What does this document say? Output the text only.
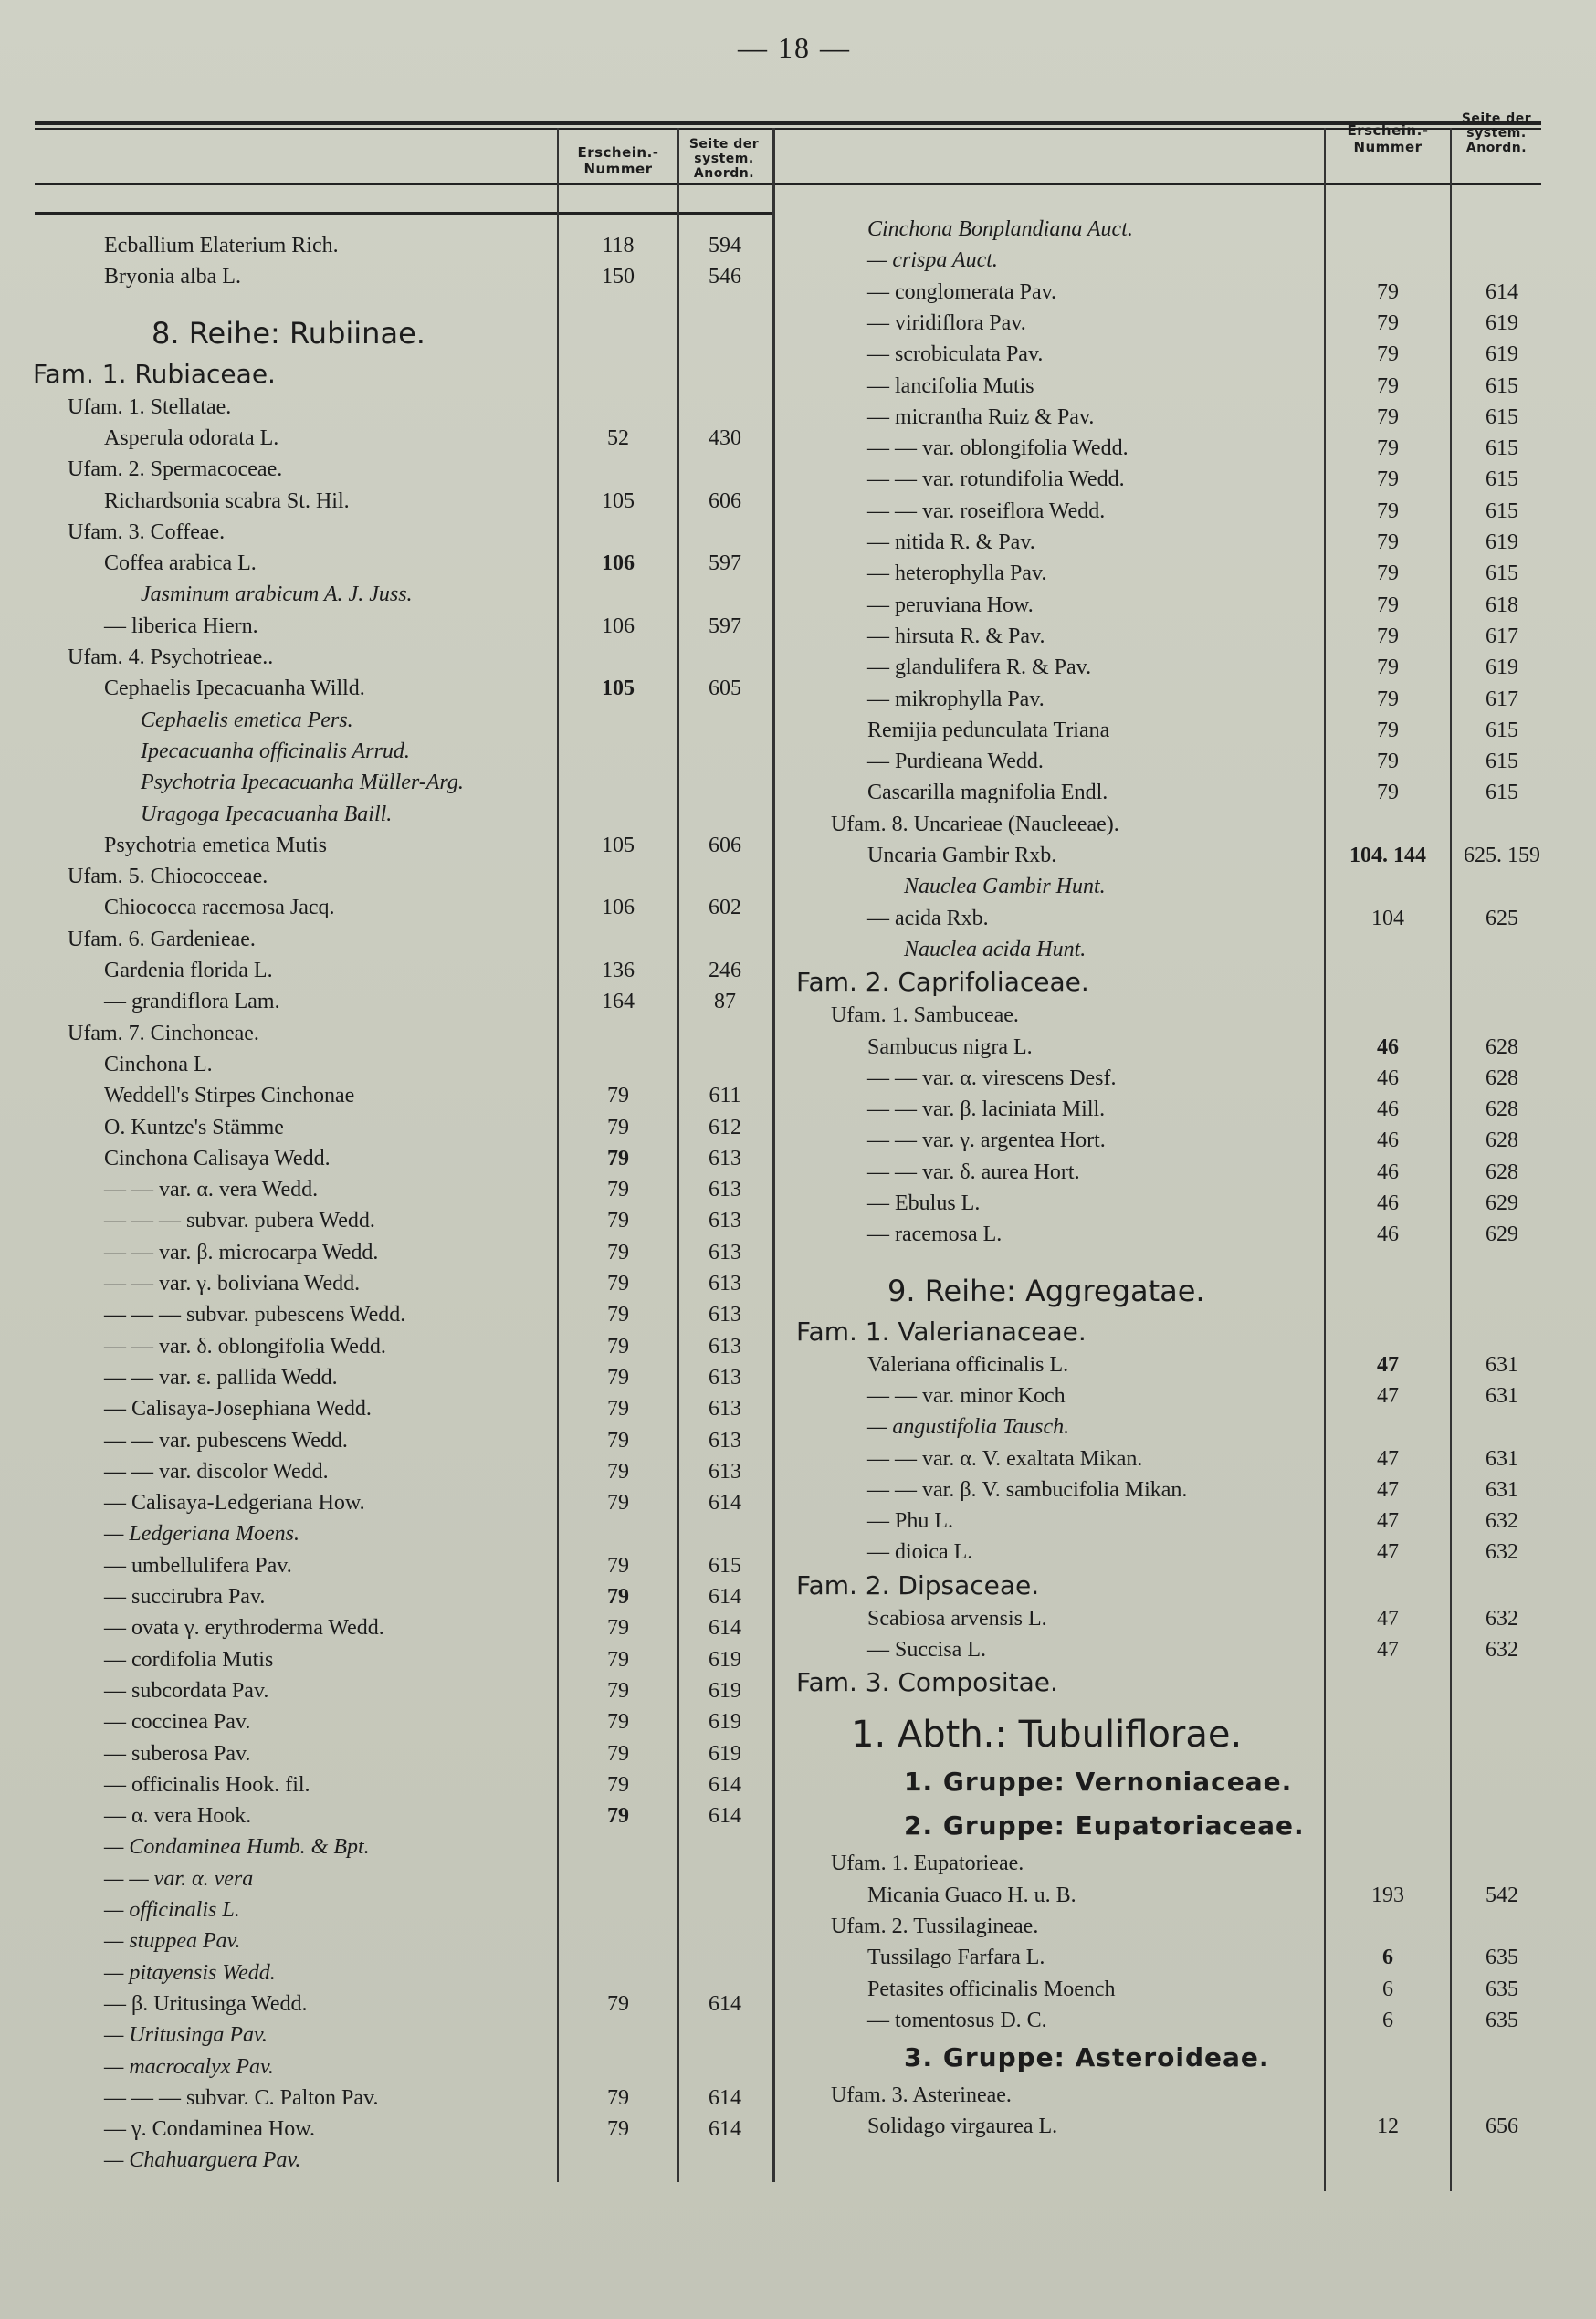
— 18 —
Erschein.-
Nummer
Seite der
system.
Anordn.
Erschein.-
Nummer
Seite der
system.
Anordn.
Ecballium Elaterium Rich.	118	594
Bryonia alba L.	150	546
8. Reihe: Rubiinae.
Fam. 1. Rubiaceae.
Ufam. 1. Stellatae.
Asperula odorata L.	52	430
Ufam. 2. Spermacoceae.
Richardsonia scabra St. Hil.	105	606
Ufam. 3. Coffeae.
Coffea arabica L.	106	597
Jasminum arabicum A. J. Juss.
— liberica Hiern.	106	597
Ufam. 4. Psychotrieae..
Cephaelis Ipecacuanha Willd.	105	605
Cephaelis emetica Pers.
Ipecacuanha officinalis Arrud.
Psychotria Ipecacuanha Müller-Arg.
Uragoga Ipecacuanha Baill.
Psychotria emetica Mutis	105	606
Ufam. 5. Chiococceae.
Chiococca racemosa Jacq.	106	602
Ufam. 6. Gardenieae.
Gardenia florida L.	136	246
— grandiflora Lam.	164	87
Ufam. 7. Cinchoneae.
Cinchona L.
Weddell's Stirpes Cinchonae	79	611
O. Kuntze's Stämme	79	612
Cinchona Calisaya Wedd.	79	613
— — var. α. vera Wedd.	79	613
— — — subvar. pubera Wedd.	79	613
— — var. β. microcarpa Wedd.	79	613
— — var. γ. boliviana Wedd.	79	613
— — — subvar. pubescens Wedd.	79	613
— — var. δ. oblongifolia Wedd.	79	613
— — var. ε. pallida Wedd.	79	613
— Calisaya-Josephiana Wedd.	79	613
— — var. pubescens Wedd.	79	613
— — var. discolor Wedd.	79	613
— Calisaya-Ledgeriana How.	79	614
— Ledgeriana Moens.
— umbellulifera Pav.	79	615
— succirubra Pav.	79	614
— ovata γ. erythroderma Wedd.	79	614
— cordifolia Mutis	79	619
— subcordata Pav.	79	619
— coccinea Pav.	79	619
— suberosa Pav.	79	619
— officinalis Hook. fil.	79	614
— α. vera Hook.	79	614
— Condaminea Humb. & Bpt.
— — var. α. vera
— officinalis L.
— stuppea Pav.
— pitayensis Wedd.
— β. Uritusinga Wedd.	79	614
— Uritusinga Pav.
— macrocalyx Pav.
— — — subvar. C. Palton Pav.	79	614
— γ. Condaminea How.	79	614
— Chahuarguera Pav.
Cinchona Bonplandiana Auct.
— crispa Auct.
— conglomerata Pav.	79	614
— viridiflora Pav.	79	619
— scrobiculata Pav.	79	619
— lancifolia Mutis	79	615
— micrantha Ruiz & Pav.	79	615
— — var. oblongifolia Wedd.	79	615
— — var. rotundifolia Wedd.	79	615
— — var. roseiflora Wedd.	79	615
— nitida R. & Pav.	79	619
— heterophylla Pav.	79	615
— peruviana How.	79	618
— hirsuta R. & Pav.	79	617
— glandulifera R. & Pav.	79	619
— mikrophylla Pav.	79	617
Remijia pedunculata Triana	79	615
— Purdieana Wedd.	79	615
Cascarilla magnifolia Endl.	79	615
Ufam. 8. Uncarieae (Naucleeae).
Uncaria Gambir Rxb.	104. 144	625. 159
Nauclea Gambir Hunt.
— acida Rxb.	104	625
Nauclea acida Hunt.
Fam. 2. Caprifoliaceae.
Ufam. 1. Sambuceae.
Sambucus nigra L.	46	628
— — var. α. virescens Desf.	46	628
— — var. β. laciniata Mill.	46	628
— — var. γ. argentea Hort.	46	628
— — var. δ. aurea Hort.	46	628
— Ebulus L.	46	629
— racemosa L.	46	629
9. Reihe: Aggregatae.
Fam. 1. Valerianaceae.
Valeriana officinalis L.	47	631
— — var. minor Koch	47	631
— angustifolia Tausch.
— — var. α. V. exaltata Mikan.	47	631
— — var. β. V. sambucifolia Mikan.	47	631
— Phu L.	47	632
— dioica L.	47	632
Fam. 2. Dipsaceae.
Scabiosa arvensis L.	47	632
— Succisa L.	47	632
Fam. 3. Compositae.
1. Abth.: Tubuliflorae.
1. Gruppe: Vernoniaceae.
2. Gruppe: Eupatoriaceae.
Ufam. 1. Eupatorieae.
Micania Guaco H. u. B.	193	542
Ufam. 2. Tussilagineae.
Tussilago Farfara L.	6	635
Petasites officinalis Moench	6	635
— tomentosus D. C.	6	635
3. Gruppe: Asteroideae.
Ufam. 3. Asterineae.
Solidago virgaurea L.	12	656
